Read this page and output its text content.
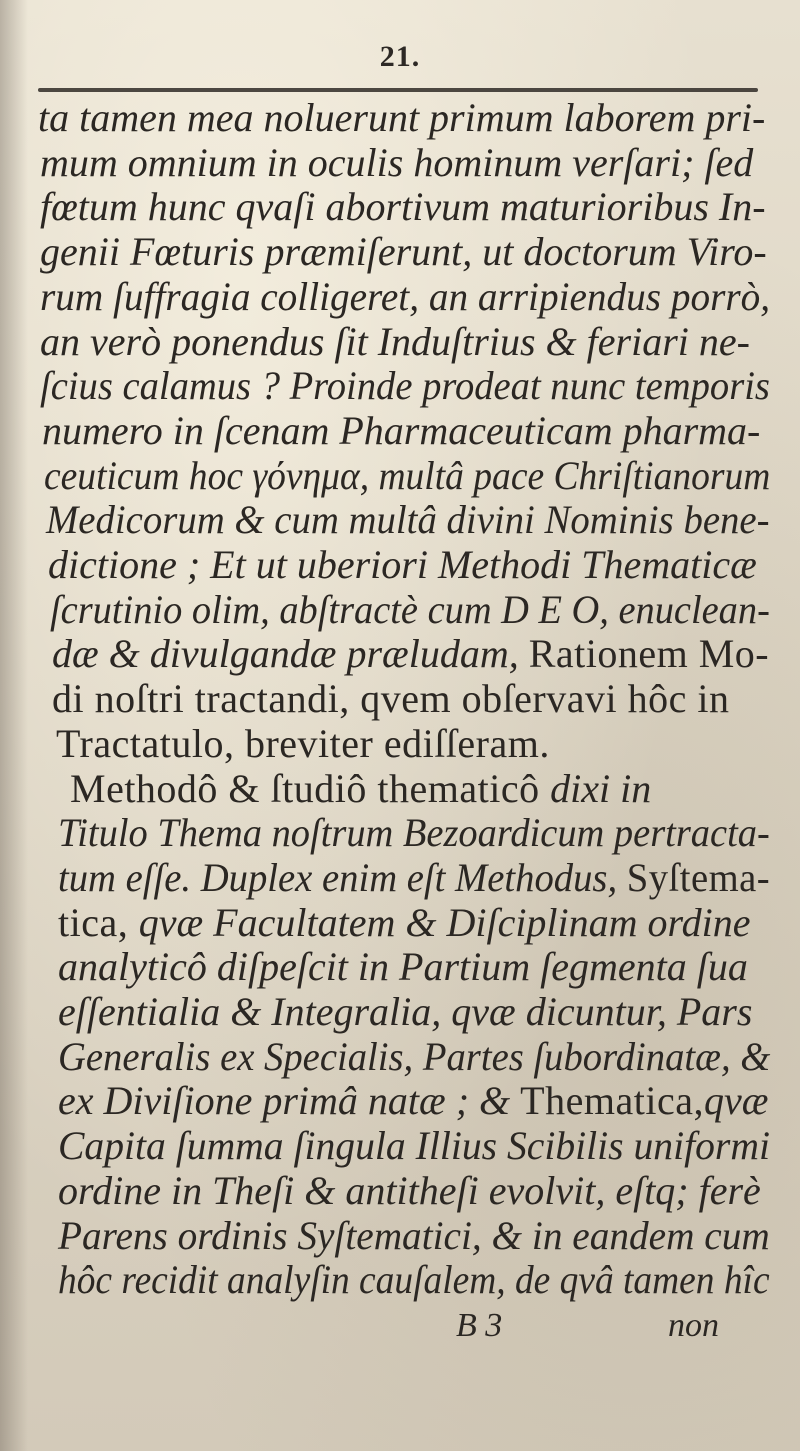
21.
ta tamen mea noluerunt primum laborem pri-
mum omnium in oculis hominum verſari; ſed
fœtum hunc qvaſi abortivum maturioribus In-
genii Fœturis præmiſerunt, ut doctorum Viro-
rum ſuffragia colligeret, an arripiendus porrò,
an verò ponendus ſit Induſtrius & feriari ne-
ſcius calamus ? Proinde prodeat nunc temporis
numero in ſcenam Pharmaceuticam pharma-
ceuticum hoc γόνημα, multâ pace Chriſtianorum
Medicorum & cum multâ divini Nominis bene-
dictione ; Et ut uberiori Methodi Thematicæ
ſcrutinio olim, abſtractè cum D E O, enuclean-
dæ & divulgandæ præludam, Rationem Mo-
di noſtri tractandi, qvem obſervavi hôc in
Tractatulo, breviter ediſſeram.
Methodô & ſtudiô thematicô dixi in
Titulo Thema noſtrum Bezoardicum pertracta-
tum eſſe. Duplex enim eſt Methodus, Syſtema-
tica, qvæ Facultatem & Diſciplinam ordine
analyticô diſpeſcit in Partium ſegmenta ſua
eſſentialia & Integralia, qvæ dicuntur, Pars
Generalis ex Specialis, Partes ſubordinatæ, &
ex Diviſione primâ natæ ; & Thematica,qvæ
Capita ſumma ſingula Illius Scibilis uniformi
ordine in Theſi & antitheſi evolvit, eſtq; ferè
Parens ordinis Syſtematici, & in eandem cum
hôc recidit analyſin cauſalem, de qvâ tamen hîc
B 3	non
